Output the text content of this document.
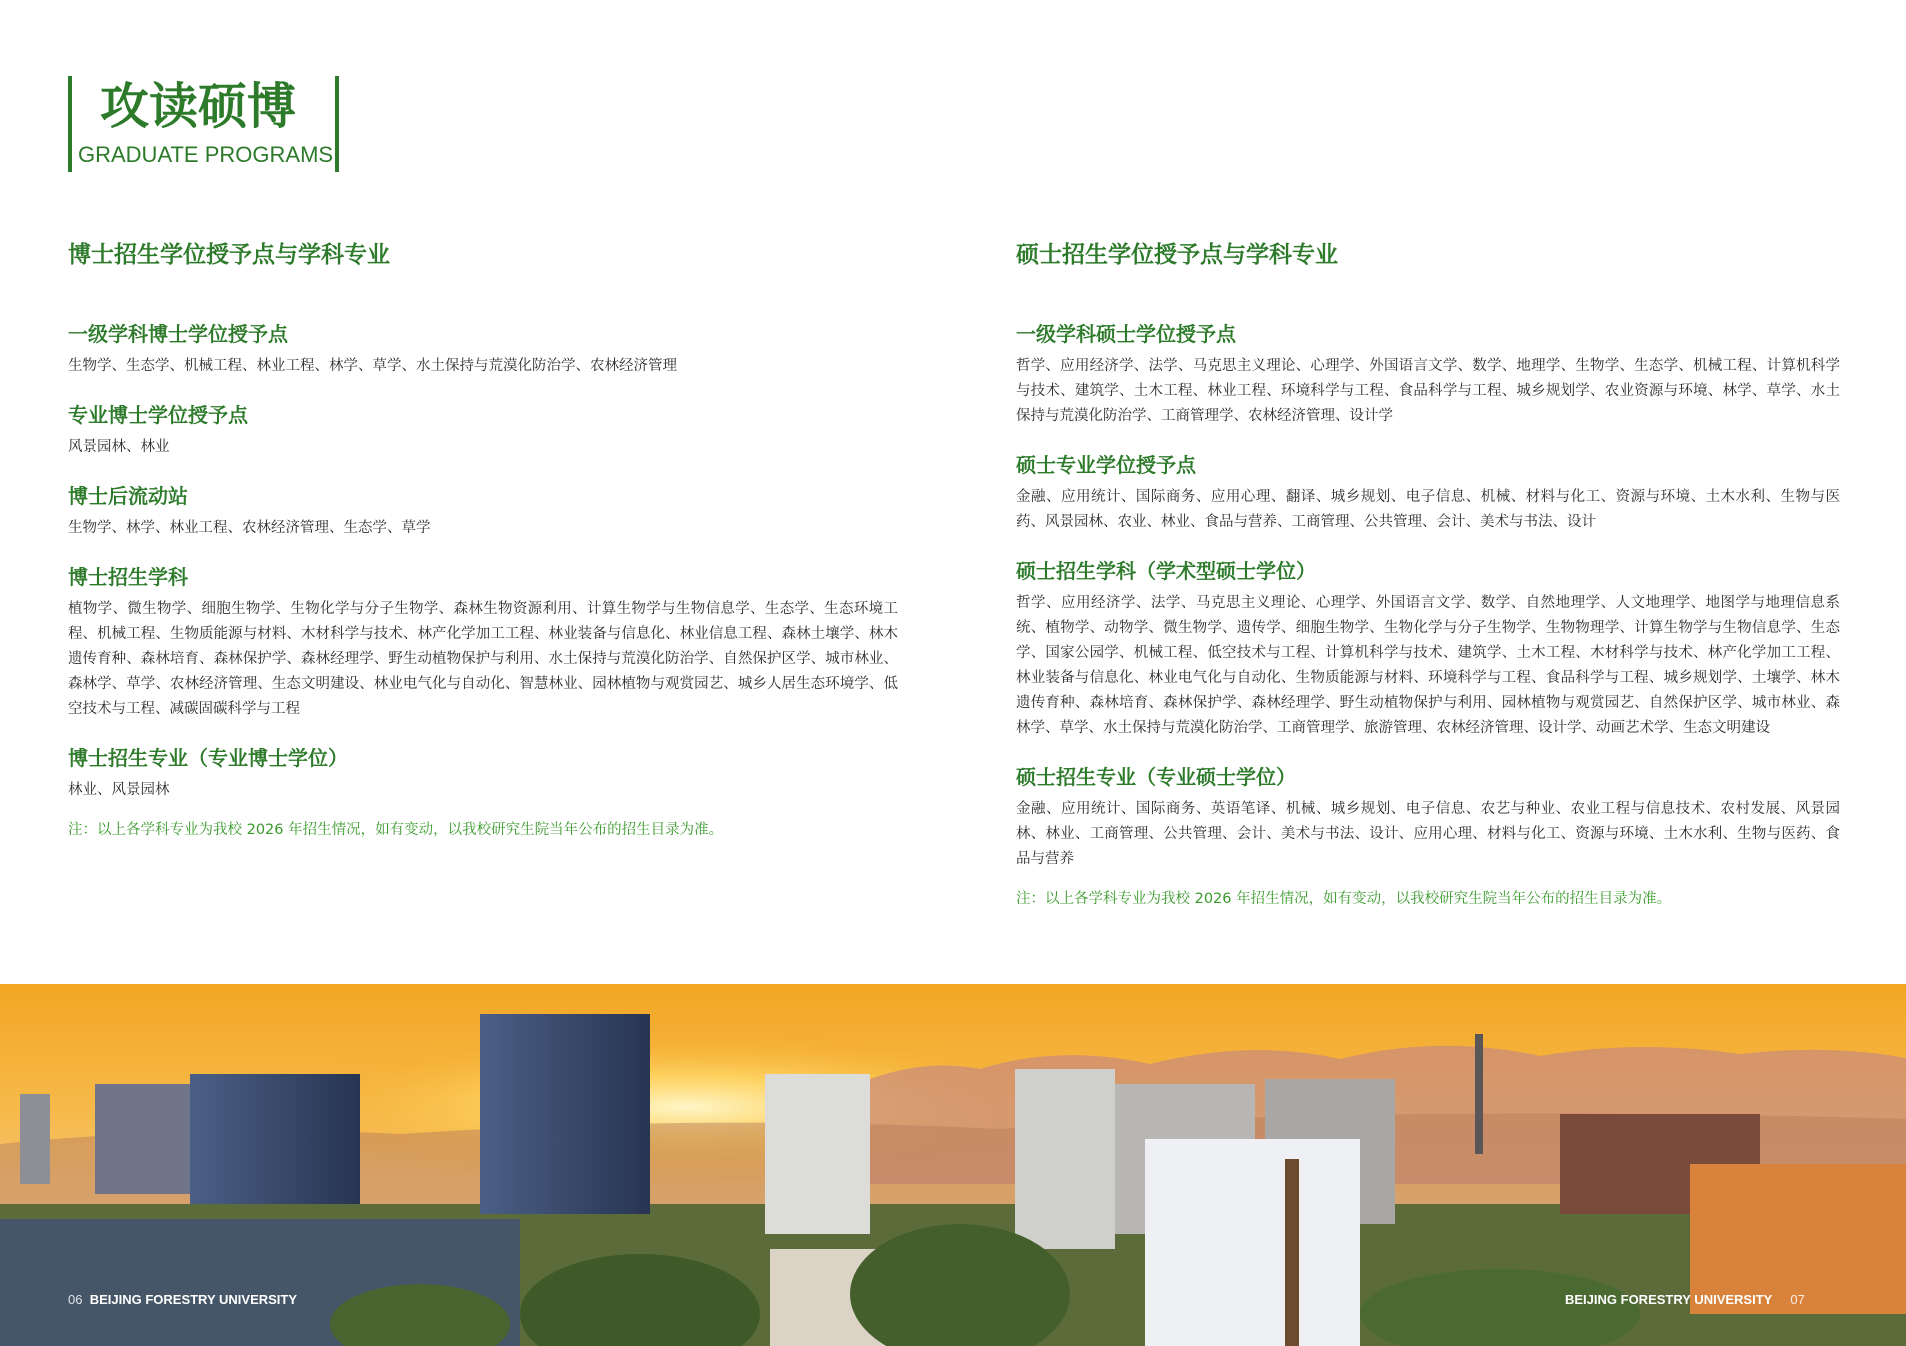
攻读硕博
GRADUATE PROGRAMS
博士招生学位授予点与学科专业
一级学科博士学位授予点

生物学、生态学、机械工程、林业工程、林学、草学、水土保持与荒漠化防治学、农林经济管理

专业博士学位授予点

风景园林、林业

博士后流动站

生物学、林学、林业工程、农林经济管理、生态学、草学

博士招生学科

植物学、微生物学、细胞生物学、生物化学与分子生物学、森林生物资源利用、计算生物学与生物信息学、生态学、生态环境工程、机械工程、生物质能源与材料、木材科学与技术、林产化学加工工程、林业装备与信息化、林业信息工程、森林土壤学、林木遗传育种、森林培育、森林保护学、森林经理学、野生动植物保护与利用、水土保持与荒漠化防治学、自然保护区学、城市林业、森林学、草学、农林经济管理、生态文明建设、林业电气化与自动化、智慧林业、园林植物与观赏园艺、城乡人居生态环境学、低空技术与工程、减碳固碳科学与工程

博士招生专业（专业博士学位）

林业、风景园林

注：以上各学科专业为我校 2026 年招生情况，如有变动，以我校研究生院当年公布的招生目录为准。
硕士招生学位授予点与学科专业
一级学科硕士学位授予点

哲学、应用经济学、法学、马克思主义理论、心理学、外国语言文学、数学、地理学、生物学、生态学、机械工程、计算机科学与技术、建筑学、土木工程、林业工程、环境科学与工程、食品科学与工程、城乡规划学、农业资源与环境、林学、草学、水土保持与荒漠化防治学、工商管理学、农林经济管理、设计学

硕士专业学位授予点

金融、应用统计、国际商务、应用心理、翻译、城乡规划、电子信息、机械、材料与化工、资源与环境、土木水利、生物与医药、风景园林、农业、林业、食品与营养、工商管理、公共管理、会计、美术与书法、设计

硕士招生学科（学术型硕士学位）

哲学、应用经济学、法学、马克思主义理论、心理学、外国语言文学、数学、自然地理学、人文地理学、地图学与地理信息系统、植物学、动物学、微生物学、遗传学、细胞生物学、生物化学与分子生物学、生物物理学、计算生物学与生物信息学、生态学、国家公园学、机械工程、低空技术与工程、计算机科学与技术、建筑学、土木工程、木材科学与技术、林产化学加工工程、林业装备与信息化、林业电气化与自动化、生物质能源与材料、环境科学与工程、食品科学与工程、城乡规划学、土壤学、林木遗传育种、森林培育、森林保护学、森林经理学、野生动植物保护与利用、园林植物与观赏园艺、自然保护区学、城市林业、森林学、草学、水土保持与荒漠化防治学、工商管理学、旅游管理、农林经济管理、设计学、动画艺术学、生态文明建设

硕士招生专业（专业硕士学位）

金融、应用统计、国际商务、英语笔译、机械、城乡规划、电子信息、农艺与种业、农业工程与信息技术、农村发展、风景园林、林业、工商管理、公共管理、会计、美术与书法、设计、应用心理、材料与化工、资源与环境、土木水利、生物与医药、食品与营养

注：以上各学科专业为我校 2026 年招生情况，如有变动，以我校研究生院当年公布的招生目录为准。
06 BEIJING FORESTRY UNIVERSITY	BEIJING FORESTRY UNIVERSITY 07
